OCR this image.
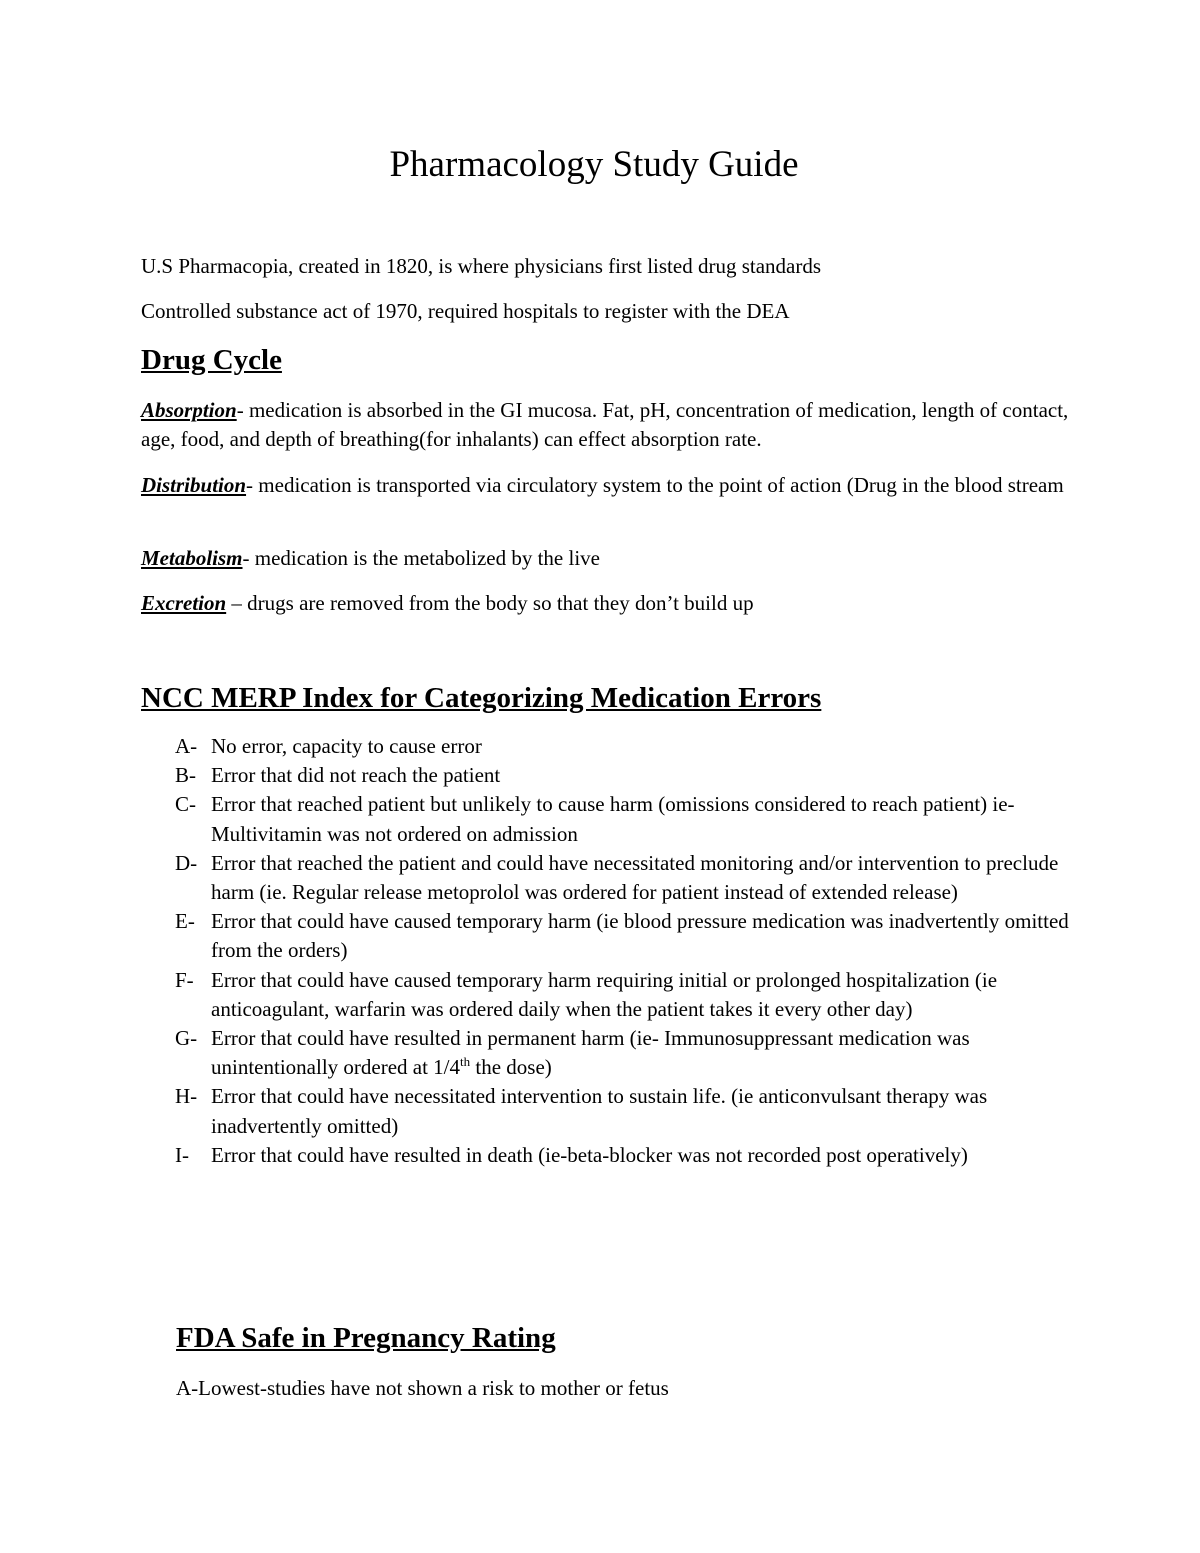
Pharmacology Study Guide

U.S Pharmacopia, created in 1820, is where physicians first listed drug standards

Controlled substance act of 1970, required hospitals to register with the DEA

Drug Cycle

Absorption- medication is absorbed in the GI mucosa. Fat, pH, concentration of medication, length of contact, age, food, and depth of breathing(for inhalants) can effect absorption rate.

Distribution- medication is transported via circulatory system to the point of action (Drug in the blood stream

Metabolism- medication is the metabolized by the live

Excretion – drugs are removed from the body so that they don’t build up

NCC MERP Index for Categorizing Medication Errors
A- No error, capacity to cause error
B- Error that did not reach the patient
C- Error that reached patient but unlikely to cause harm (omissions considered to reach patient) ie- Multivitamin was not ordered on admission
D- Error that reached the patient and could have necessitated monitoring and/or intervention to preclude harm (ie. Regular release metoprolol was ordered for patient instead of extended release)
E- Error that could have caused temporary harm (ie blood pressure medication was inadvertently omitted from the orders)
F- Error that could have caused temporary harm requiring initial or prolonged hospitalization (ie anticoagulant, warfarin was ordered daily when the patient takes it every other day)
G- Error that could have resulted in permanent harm (ie- Immunosuppressant medication was unintentionally ordered at 1/4th the dose)
H- Error that could have necessitated intervention to sustain life. (ie anticonvulsant therapy was inadvertently omitted)
I- Error that could have resulted in death (ie-beta-blocker was not recorded post operatively)
FDA Safe in Pregnancy Rating

A-Lowest-studies have not shown a risk to mother or fetus
